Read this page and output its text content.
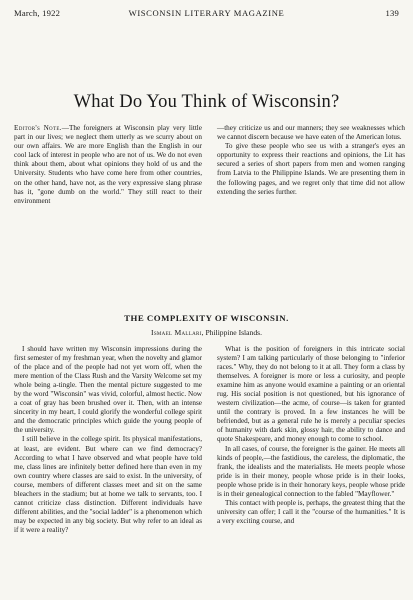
March, 1922	WISCONSIN LITERARY MAGAZINE	139
What Do You Think of Wisconsin?

Editor's Note.—The foreigners at Wisconsin play very little part in our lives; we neglect them utterly as we scurry about on our own affairs. We are more English than the English in our cool lack of interest in people who are not of us. We do not even think about them, about what opinions they hold of us and the University. Students who have come here from other countries, on the other hand, have not, as the very expressive slang phrase has it, "gone dumb on the world." They still react to their environment

—they criticize us and our manners; they see weaknesses which we cannot discern because we have eaten of the American lotus.

To give these people who see us with a stranger's eyes an opportunity to express their reactions and opinions, the Lit has secured a series of short papers from men and women ranging from Latvia to the Philippine Islands. We are presenting them in the following pages, and we regret only that time did not allow extending the series further.

THE COMPLEXITY OF WISCONSIN.
Ismael Mallari, Philippine Islands.

I should have written my Wisconsin impressions during the first semester of my freshman year, when the novelty and glamor of the place and of the people had not yet worn off, when the mere mention of the Class Rush and the Varsity Welcome set my whole being a-tingle. Then the mental picture suggested to me by the word "Wisconsin" was vivid, colorful, almost hectic. Now a coat of gray has been brushed over it. Then, with an intense sincerity in my heart, I could glorify the wonderful college spirit and the democratic principles which guide the young people of the university.

I still believe in the college spirit. Its physical manifestations, at least, are evident. But where can we find democracy? According to what I have observed and what people have told me, class lines are infinitely better defined here than even in my own country where classes are said to exist. In the university, of course, members of different classes meet and sit on the same bleachers in the stadium; but at home we talk to servants, too. I cannot criticize class distinction. Different individuals have different abilities, and the "social ladder" is a phenomenon which may be expected in any big society. But why refer to an ideal as if it were a reality?

What is the position of foreigners in this intricate social system? I am talking particularly of those belonging to "inferior races." Why, they do not belong to it at all. They form a class by themselves. A foreigner is more or less a curiosity, and people examine him as anyone would examine a painting or an oriental rug. His social position is not questioned, but his ignorance of western civilization—the acme, of course—is taken for granted until the contrary is proved. In a few instances he will be befriended, but as a general rule he is merely a peculiar species of humanity with dark skin, glossy hair, the ability to dance and quote Shakespeare, and money enough to come to school.

In all cases, of course, the foreigner is the gainer. He meets all kinds of people,—the fastidious, the careless, the diplomatic, the frank, the idealists and the materialists. He meets people whose pride is in their money, people whose pride is in their looks, people whose pride is in their honorary keys, people whose pride is in their genealogical connection to the fabled "Mayflower."

This contact with people is, perhaps, the greatest thing that the university can offer; I call it the "course of the humanities." It is a very exciting course, and
